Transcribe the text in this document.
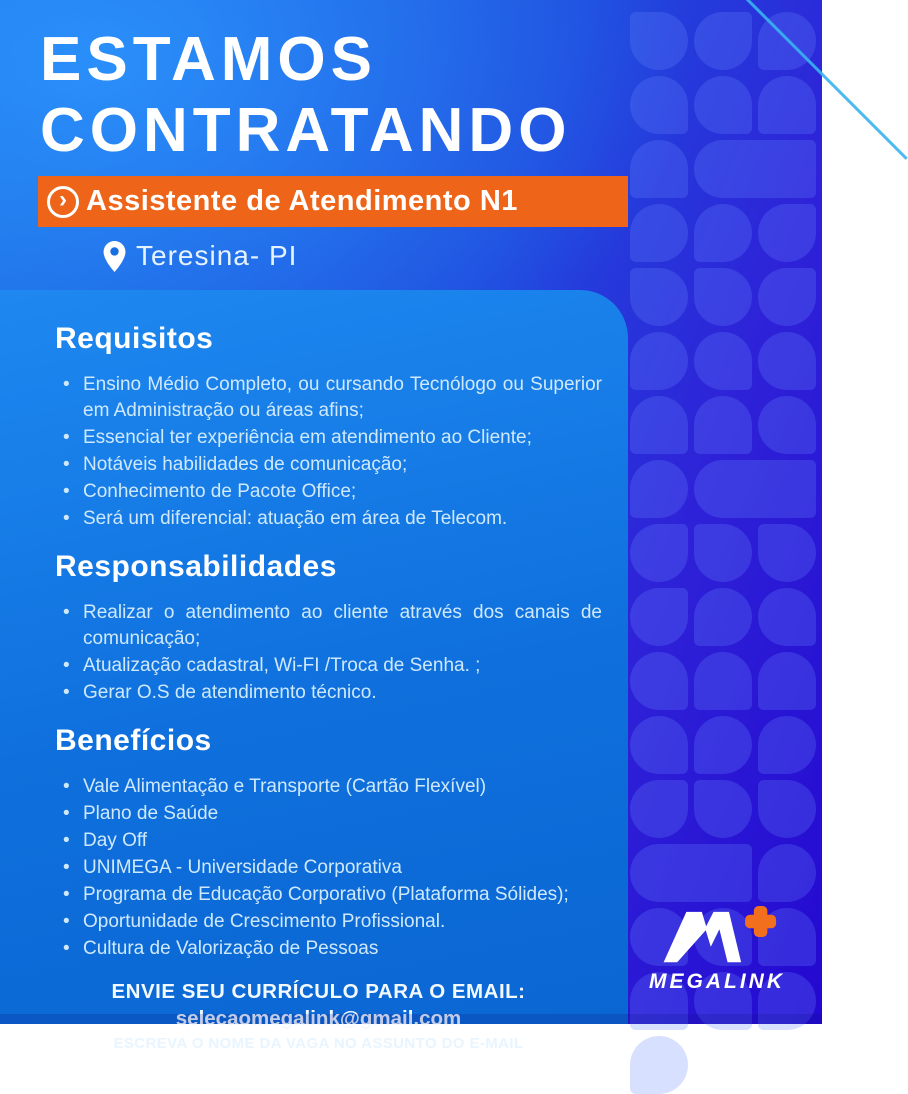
ESTAMOS
CONTRATANDO
› Assistente de Atendimento N1
Teresina- PI
Requisitos
• Ensino Médio Completo, ou cursando Tecnólogo ou Superior em Administração ou áreas afins;
• Essencial ter experiência em atendimento ao Cliente;
• Notáveis habilidades de comunicação;
• Conhecimento de Pacote Office;
• Será um diferencial: atuação em área de Telecom.
Responsabilidades
• Realizar o atendimento ao cliente através dos canais de comunicação;
• Atualização cadastral, Wi-FI /Troca de Senha. ;
• Gerar O.S de atendimento técnico.
Benefícios
• Vale Alimentação e Transporte (Cartão Flexível)
• Plano de Saúde
• Day Off
• UNIMEGA - Universidade Corporativa
• Programa de Educação Corporativo (Plataforma Sólides);
• Oportunidade de Crescimento Profissional.
• Cultura de Valorização de Pessoas
ENVIE SEU CURRÍCULO PARA O EMAIL:
selecaomegalink@gmail.com
ESCREVA O NOME DA VAGA NO ASSUNTO DO E-MAIL
MEGALINK
